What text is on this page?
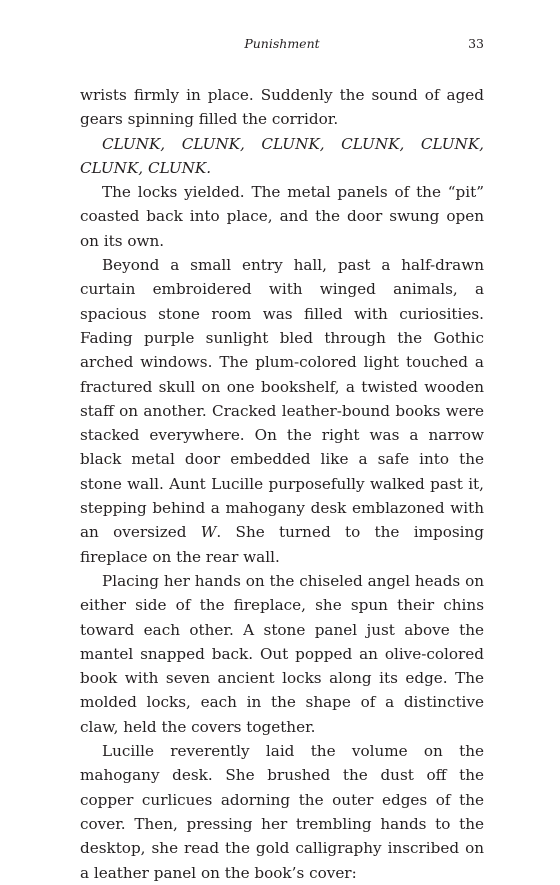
Punishment	33

wrists firmly in place. Suddenly the sound of aged gears spinning filled the corridor.

CLUNK, CLUNK, CLUNK, CLUNK, CLUNK, CLUNK, CLUNK.

The locks yielded. The metal panels of the “pit” coasted back into place, and the door swung open on its own.

Beyond a small entry hall, past a half-drawn curtain embroidered with winged animals, a spacious stone room was filled with curiosities. Fading purple sunlight bled through the Gothic arched windows. The plum-colored light touched a fractured skull on one bookshelf, a twisted wooden staff on another. Cracked leather-bound books were stacked everywhere. On the right was a narrow black metal door embedded like a safe into the stone wall. Aunt Lucille purposefully walked past it, stepping behind a mahogany desk emblazoned with an oversized W. She turned to the imposing fireplace on the rear wall.

Placing her hands on the chiseled angel heads on either side of the fireplace, she spun their chins toward each other. A stone panel just above the mantel snapped back. Out popped an olive-colored book with seven ancient locks along its edge. The molded locks, each in the shape of a distinctive claw, held the covers together.

Lucille reverently laid the volume on the mahogany desk. She brushed the dust off the copper curlicues adorning the outer edges of the cover. Then, pressing her trembling hands to the desktop, she read the gold calligraphy inscribed on a leather panel on the book’s cover:
